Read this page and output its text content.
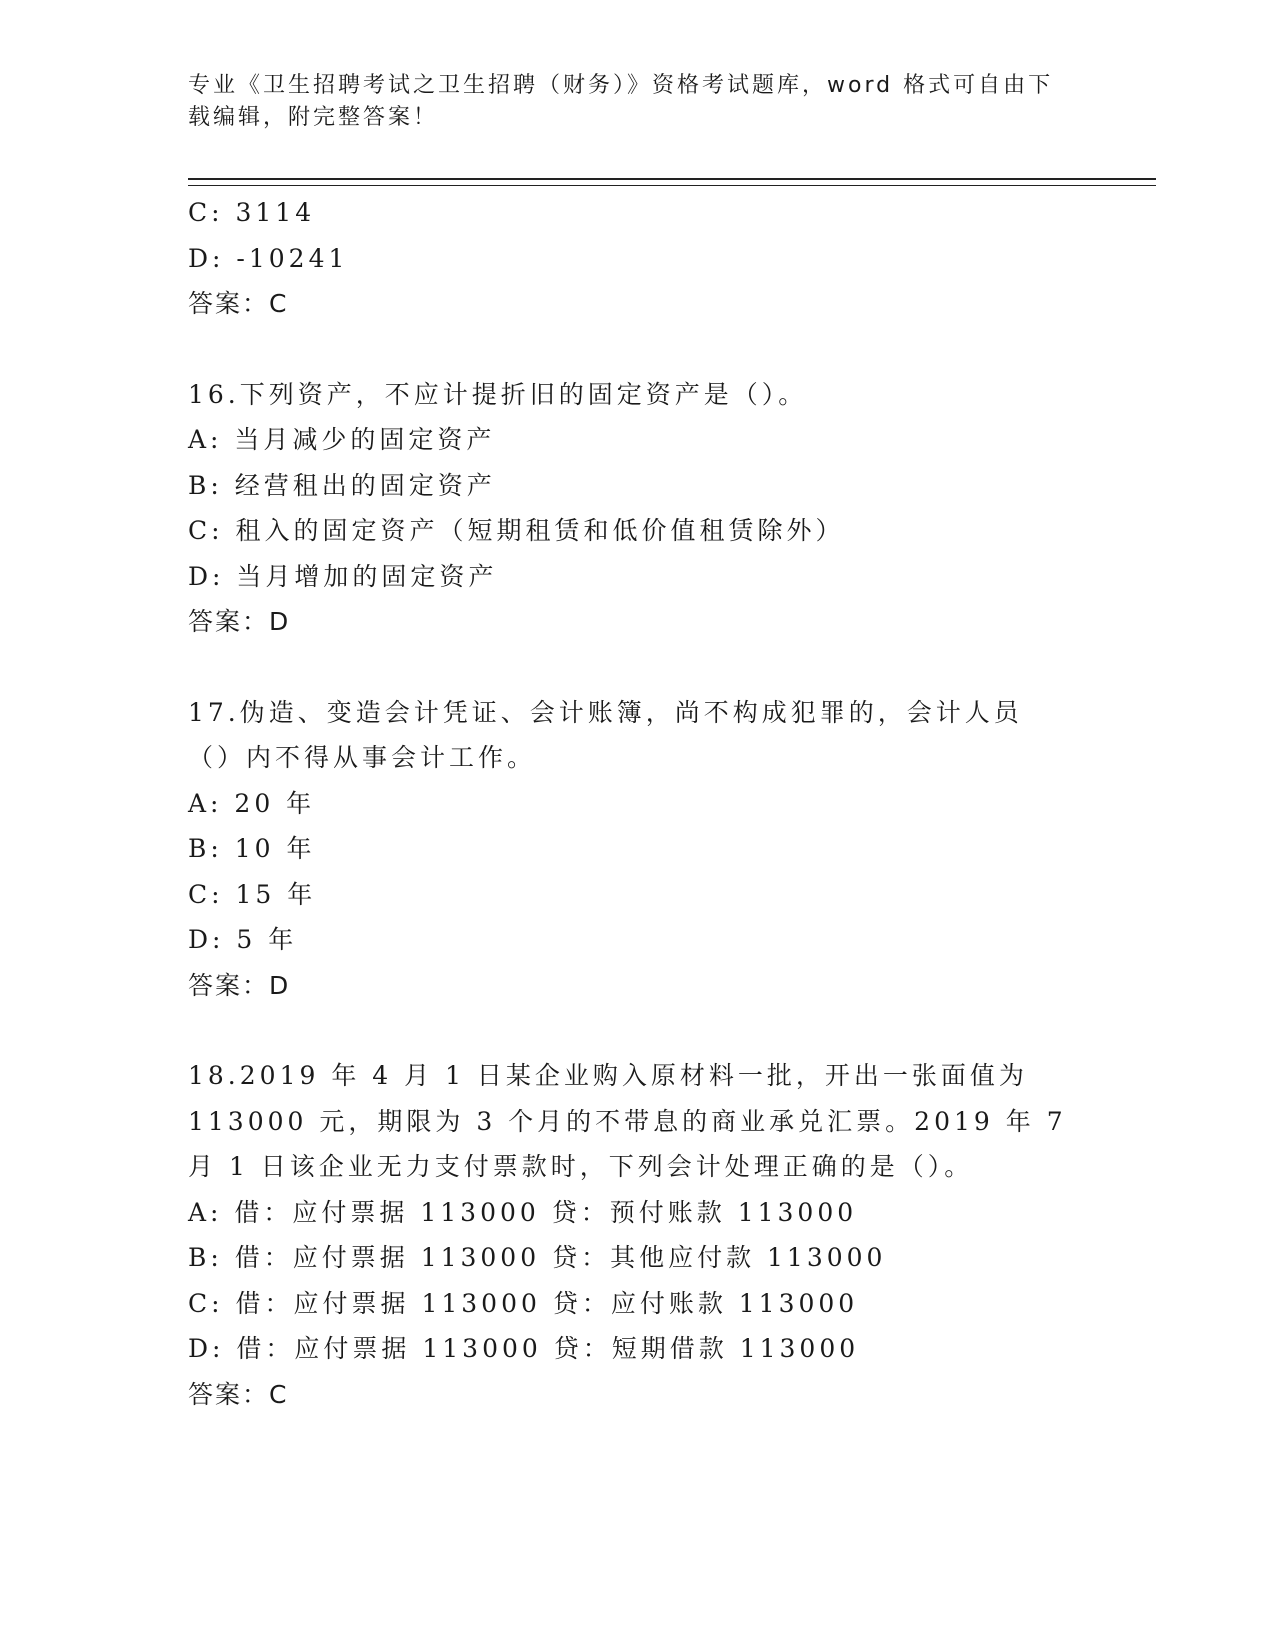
专业《卫生招聘考试之卫生招聘（财务）》资格考试题库，word 格式可自由下载编辑，附完整答案！
C: 3114
D: -10241
答案：C
16.下列资产，不应计提折旧的固定资产是（）。
A: 当月减少的固定资产
B: 经营租出的固定资产
C: 租入的固定资产（短期租赁和低价值租赁除外）
D: 当月增加的固定资产
答案：D
17.伪造、变造会计凭证、会计账簿，尚不构成犯罪的，会计人员（）内不得从事会计工作。
A: 20 年
B: 10 年
C: 15 年
D: 5 年
答案：D
18.2019 年 4 月 1 日某企业购入原材料一批，开出一张面值为 113000 元，期限为 3 个月的不带息的商业承兑汇票。2019 年 7 月 1 日该企业无力支付票款时，下列会计处理正确的是（）。
A: 借：应付票据 113000 贷：预付账款 113000
B: 借：应付票据 113000 贷：其他应付款 113000
C: 借：应付票据 113000 贷：应付账款 113000
D: 借：应付票据 113000 贷：短期借款 113000
答案：C
